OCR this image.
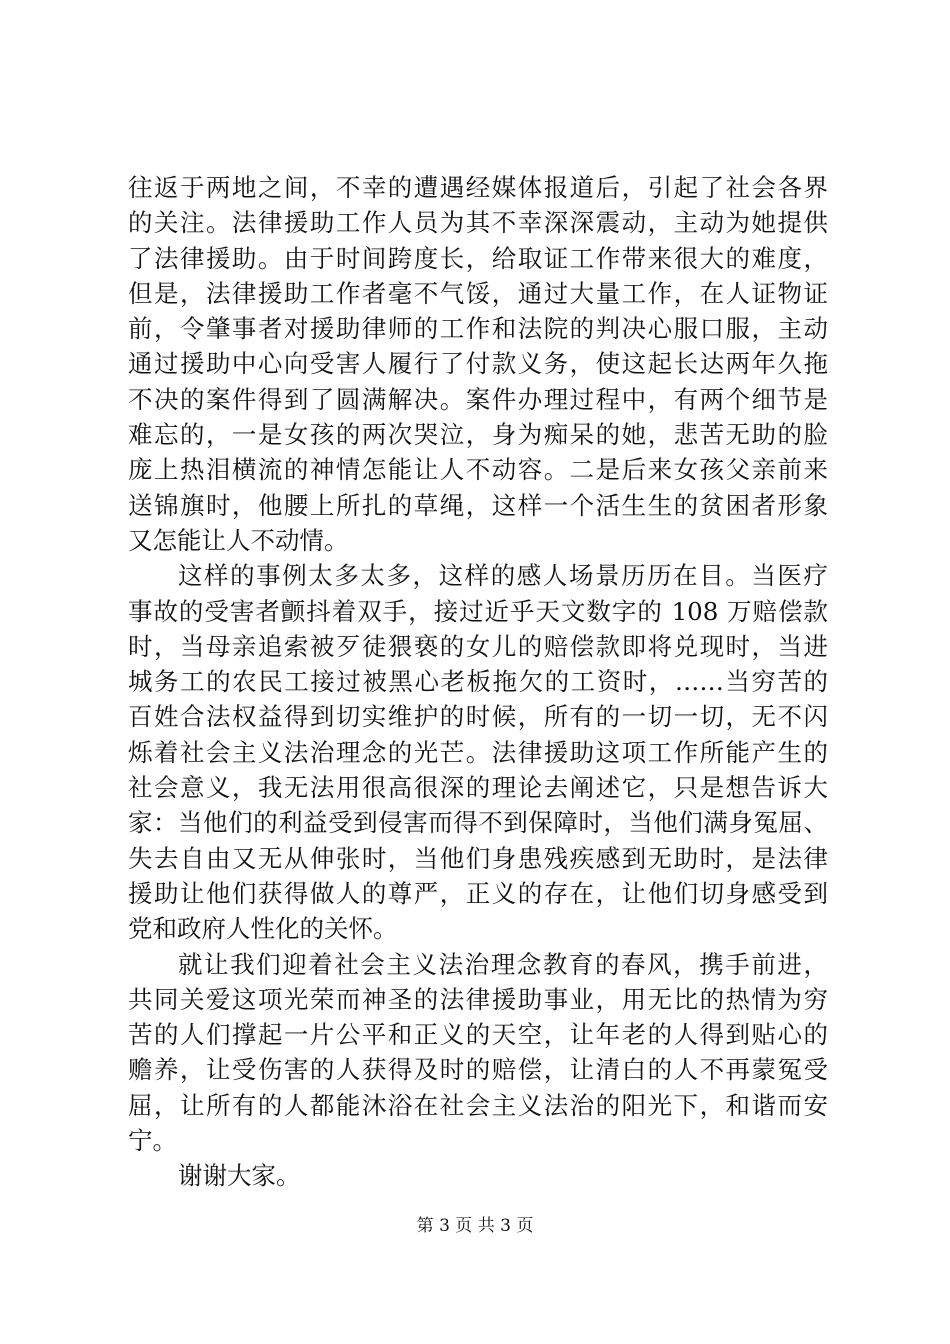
往返于两地之间，不幸的遭遇经媒体报道后，引起了社会各界
的关注。法律援助工作人员为其不幸深深震动，主动为她提供
了法律援助。由于时间跨度长，给取证工作带来很大的难度，
但是，法律援助工作者毫不气馁，通过大量工作，在人证物证
前，令肇事者对援助律师的工作和法院的判决心服口服，主动
通过援助中心向受害人履行了付款义务，使这起长达两年久拖
不决的案件得到了圆满解决。案件办理过程中，有两个细节是
难忘的，一是女孩的两次哭泣，身为痴呆的她，悲苦无助的脸
庞上热泪横流的神情怎能让人不动容。二是后来女孩父亲前来
送锦旗时，他腰上所扎的草绳，这样一个活生生的贫困者形象
又怎能让人不动情。

这样的事例太多太多，这样的感人场景历历在目。当医疗
事故的受害者颤抖着双手，接过近乎天文数字的 108 万赔偿款
时，当母亲追索被歹徒猥亵的女儿的赔偿款即将兑现时，当进
城务工的农民工接过被黑心老板拖欠的工资时，……当穷苦的
百姓合法权益得到切实维护的时候，所有的一切一切，无不闪
烁着社会主义法治理念的光芒。法律援助这项工作所能产生的
社会意义，我无法用很高很深的理论去阐述它，只是想告诉大
家：当他们的利益受到侵害而得不到保障时，当他们满身冤屈、
失去自由又无从伸张时，当他们身患残疾感到无助时，是法律
援助让他们获得做人的尊严，正义的存在，让他们切身感受到
党和政府人性化的关怀。

就让我们迎着社会主义法治理念教育的春风，携手前进，
共同关爱这项光荣而神圣的法律援助事业，用无比的热情为穷
苦的人们撑起一片公平和正义的天空，让年老的人得到贴心的
赡养，让受伤害的人获得及时的赔偿，让清白的人不再蒙冤受
屈，让所有的人都能沐浴在社会主义法治的阳光下，和谐而安
宁。

谢谢大家。

第 3 页 共 3 页
